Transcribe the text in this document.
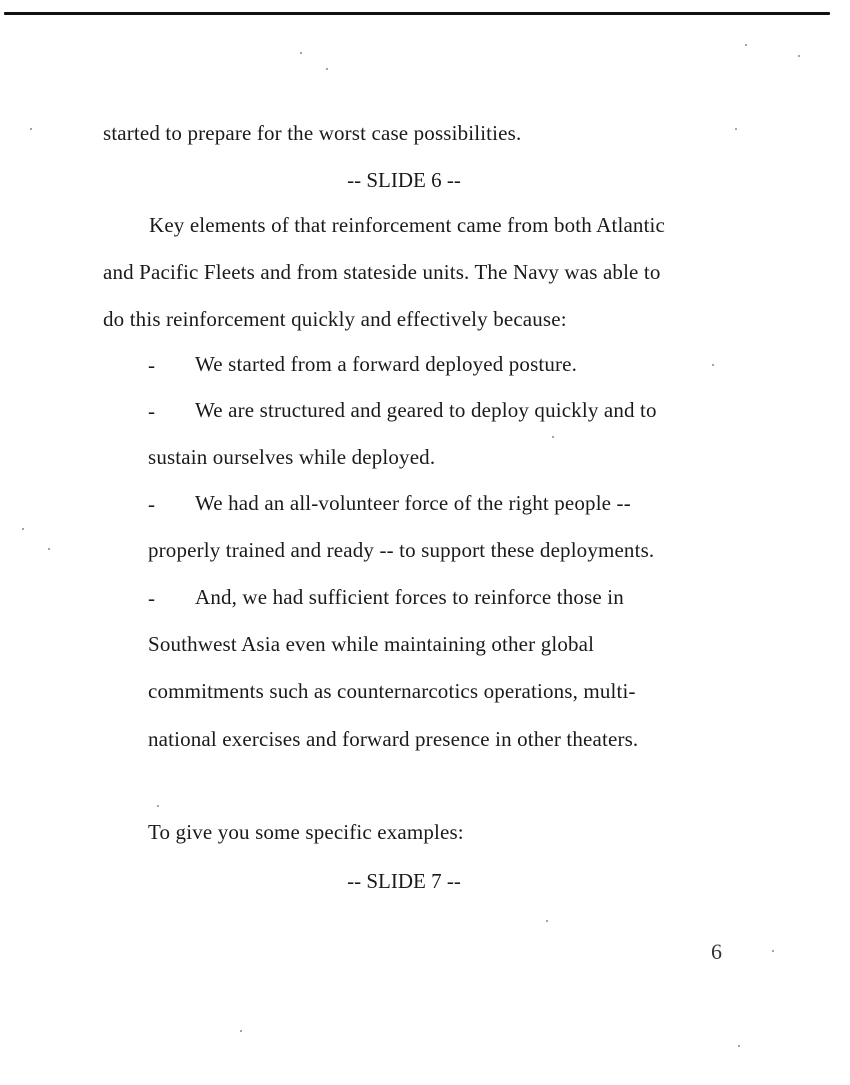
started to prepare for the worst case possibilities.
-- SLIDE 6 --
Key elements of that reinforcement came from both Atlantic
and Pacific Fleets and from stateside units. The Navy was able to
do this reinforcement quickly and effectively because:
- We started from a forward deployed posture.
- We are structured and geared to deploy quickly and to
sustain ourselves while deployed.
- We had an all-volunteer force of the right people --
properly trained and ready -- to support these deployments.
- And, we had sufficient forces to reinforce those in
Southwest Asia even while maintaining other global
commitments such as counternarcotics operations, multi-
national exercises and forward presence in other theaters.
To give you some specific examples:
-- SLIDE 7 --
6
